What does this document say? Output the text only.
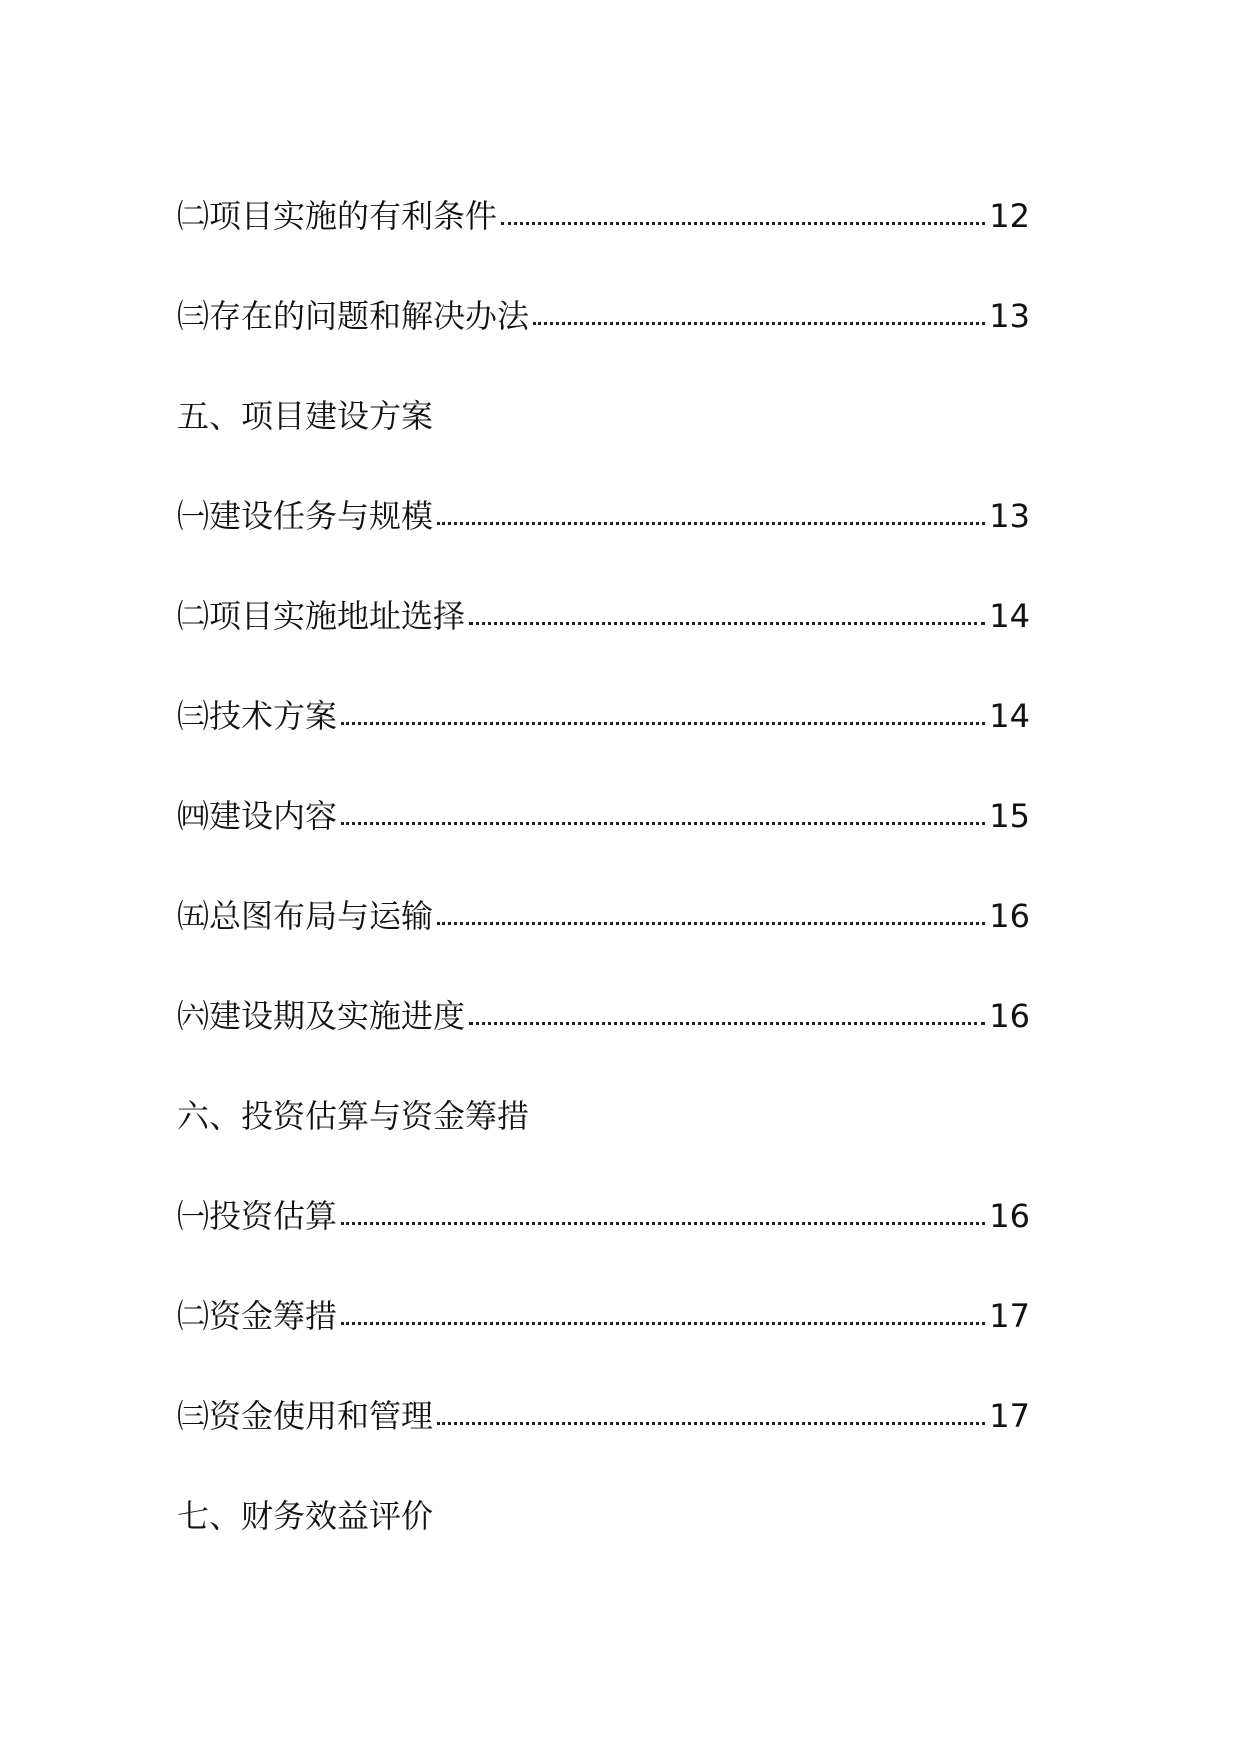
㈡项目实施的有利条件	12
㈢存在的问题和解决办法	13
五、项目建设方案
㈠建设任务与规模	13
㈡项目实施地址选择	14
㈢技术方案	14
㈣建设内容	15
㈤总图布局与运输	16
㈥建设期及实施进度	16
六、投资估算与资金筹措
㈠投资估算	16
㈡资金筹措	17
㈢资金使用和管理	17
七、财务效益评价
